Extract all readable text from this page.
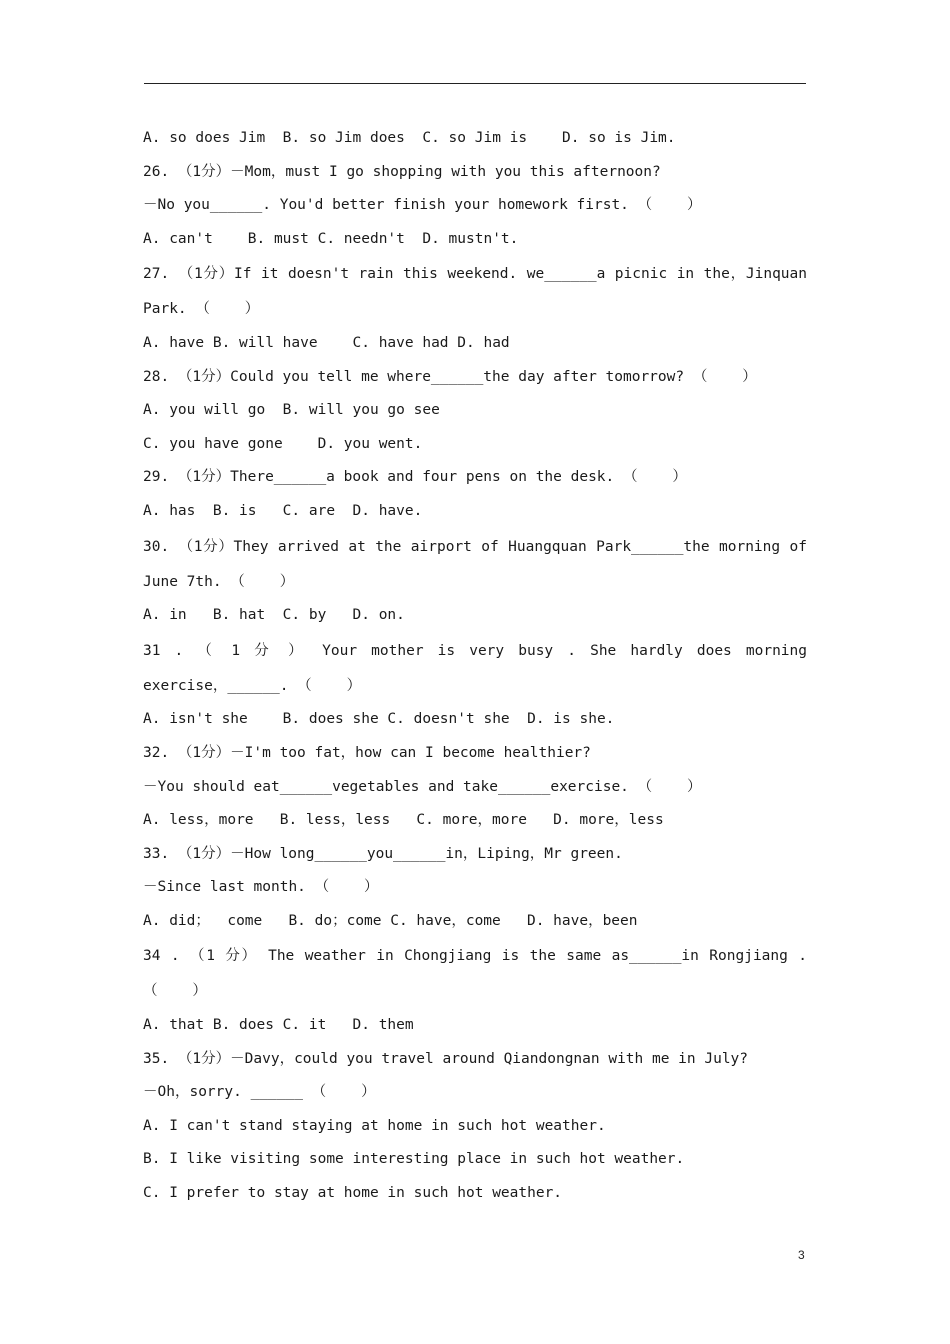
A. so does Jim  B. so Jim does  C. so Jim is    D. so is Jim.
26. （1分）－Mom，must I go shopping with you this afternoon?
－No you______. You'd better finish your homework first. （    ）
A. can't    B. must C. needn't  D. mustn't.
27. （1分）If it doesn't rain this weekend. we______a picnic in the，Jinquan
Park. （    ）
A. have B. will have    C. have had D. had
28. （1分）Could you tell me where______the day after tomorrow? （    ）
A. you will go  B. will you go see
C. you have gone    D. you went.
29. （1分）There______a book and four pens on the desk. （    ）
A. has  B. is   C. are  D. have.
30. （1分）They arrived at the airport of Huangquan Park______the morning of
June 7th. （    ）
A. in   B. hat  C. by   D. on.
31 . （ 1 分 ） Your mother is very busy . She hardly does morning
exercise，______. （    ）
A. isn't she    B. does she C. doesn't she  D. is she.
32. （1分）－I'm too fat，how can I become healthier?
－You should eat______vegetables and take______exercise. （    ）
A. less，more   B. less，less   C. more，more   D. more，less
33. （1分）－How long______you______in，Liping，Mr green.
－Since last month. （    ）
A. did；  come   B. do；come C. have，come   D. have，been
34 . （1 分） The weather in Chongjiang is the same as______in Rongjiang .
（    ）
A. that B. does C. it   D. them
35. （1分）－Davy，could you travel around Qiandongnan with me in July?
－Oh，sorry. ______ （    ）
A. I can't stand staying at home in such hot weather.
B. I like visiting some interesting place in such hot weather.
C. I prefer to stay at home in such hot weather.
3
